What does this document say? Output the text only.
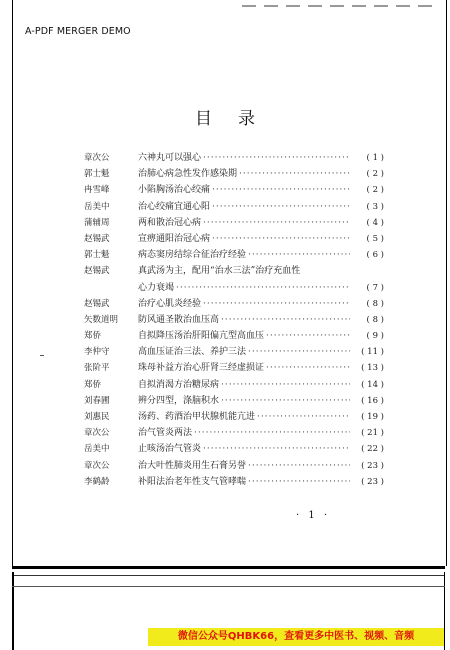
A-PDF MERGER DEMO
目录
章次公	六神丸可以强心 ·····	( 1 )
郭士魁	治肺心病急性发作感染期 ·····	( 2 )
冉雪峰	小陷胸汤治心绞痛 ·····	( 2 )
岳美中	治心绞痛宜通心阳 ·····	( 3 )
蒲辅周	两和散治冠心病 ·····	( 4 )
赵锡武	宣痹通阳治冠心病 ·····	( 5 )
郭士魁	病态窦房结综合征治疗经验 ·····	( 6 )
赵锡武	真武汤为主，配用“治水三法”治疗充血性
心力衰竭 ·····	( 7 )
赵锡武	治疗心肌炎经验 ·····	( 8 )
矢数道明	防风通圣散治血压高 ·····	( 8 )
郑侨	自拟降压汤治肝阳偏亢型高血压 ·····	( 9 )
李仲守	高血压证治三法、养护三法 ·····	( 11 )
张阶平	珠母补益方治心肝肾三经虚损证 ·····	( 13 )
郑侨	自拟消渴方治糖尿病 ·····	( 14 )
刘春圃	辨分四型，涤脑积水 ·····	( 16 )
刘惠民	汤药、药酒治甲状腺机能亢进 ·····	( 19 )
章次公	治气管炎两法 ·····	( 21 )
岳美中	止咳汤治气管炎 ·····	( 22 )
章次公	治大叶性肺炎用生石膏另誉 ·····	( 23 )
李鹤龄	补阳法治老年性支气管哮喘 ·····	( 23 )
· 1 ·
微信公众号QHBK66，查看更多中医书、视频、音频
